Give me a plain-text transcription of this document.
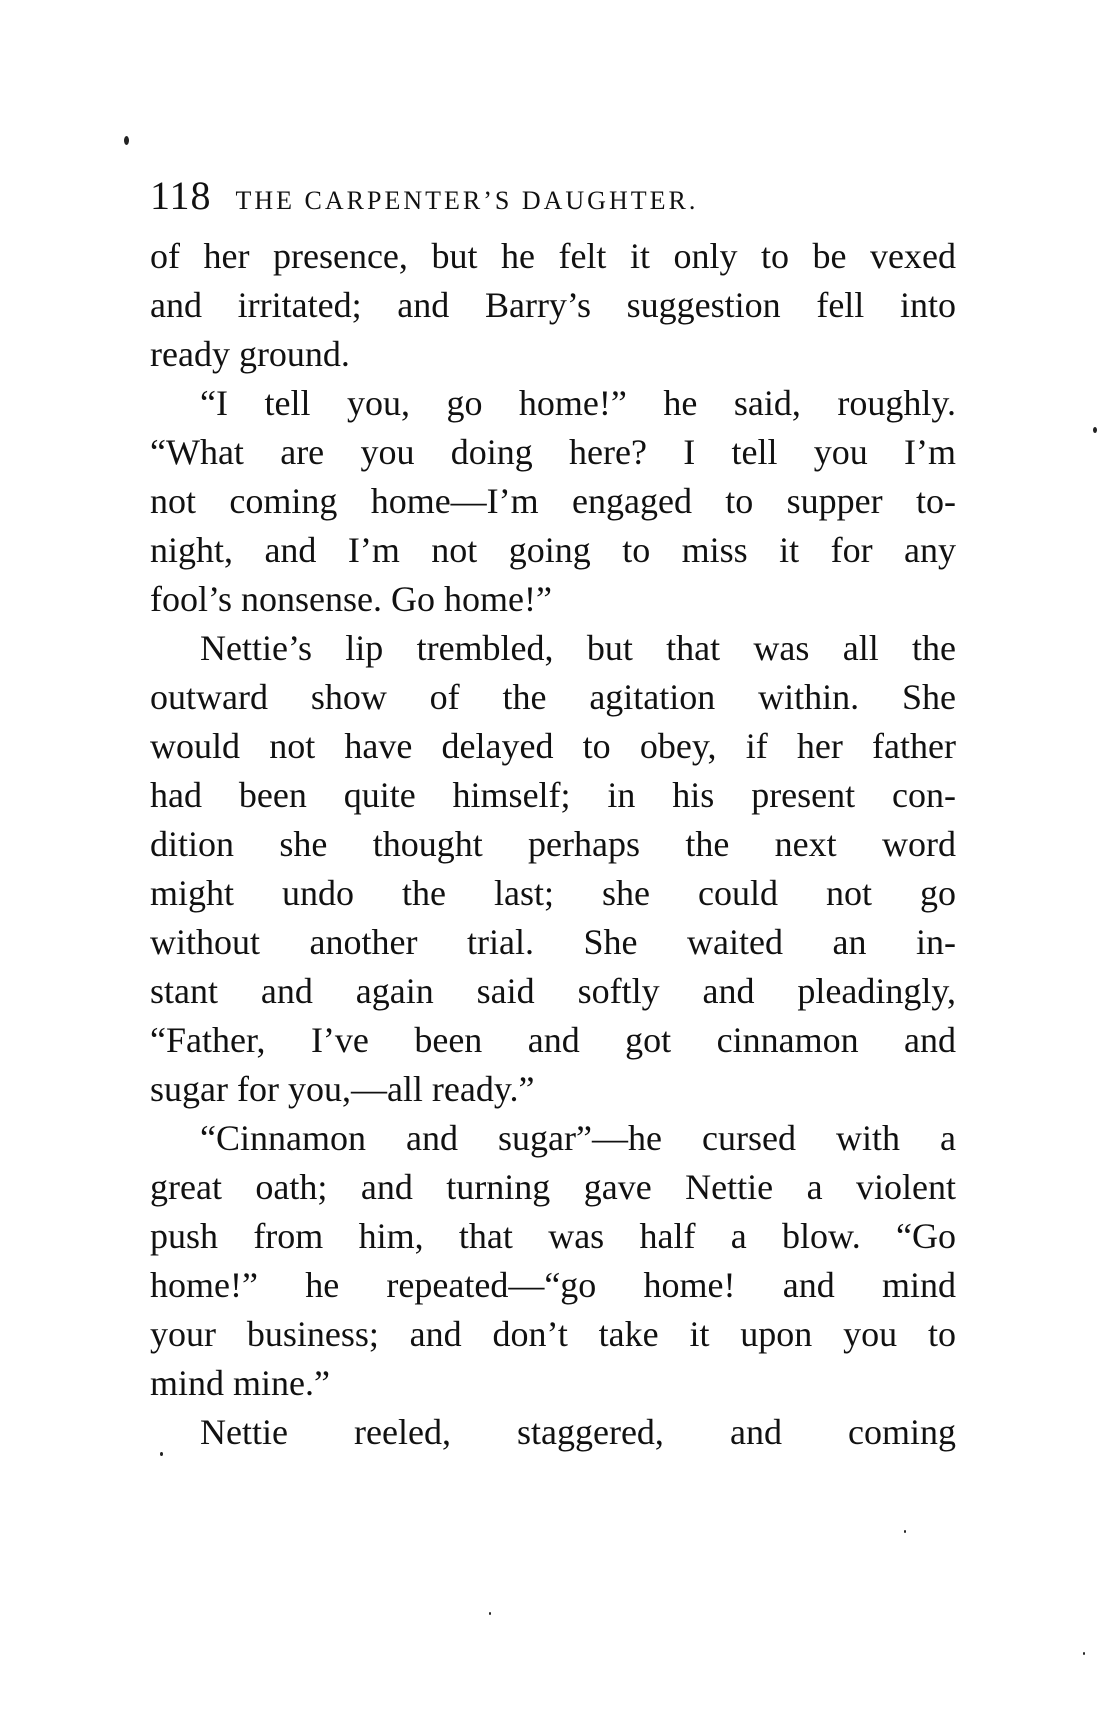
118 THE CARPENTER’S DAUGHTER.
of her presence, but he felt it only to be vexed
and irritated; and Barry’s suggestion fell into
ready ground.
“I tell you, go home!” he said, roughly.
“What are you doing here? I tell you I’m
not coming home—I’m engaged to supper to-
night, and I’m not going to miss it for any
fool’s nonsense. Go home!”
Nettie’s lip trembled, but that was all the
outward show of the agitation within. She
would not have delayed to obey, if her father
had been quite himself; in his present con-
dition she thought perhaps the next word
might undo the last; she could not go
without another trial. She waited an in-
stant and again said softly and pleadingly,
“Father, I’ve been and got cinnamon and
sugar for you,—all ready.”
“Cinnamon and sugar”—he cursed with a
great oath; and turning gave Nettie a violent
push from him, that was half a blow. “Go
home!” he repeated—“go home! and mind
your business; and don’t take it upon you to
mind mine.”
Nettie reeled, staggered, and coming
